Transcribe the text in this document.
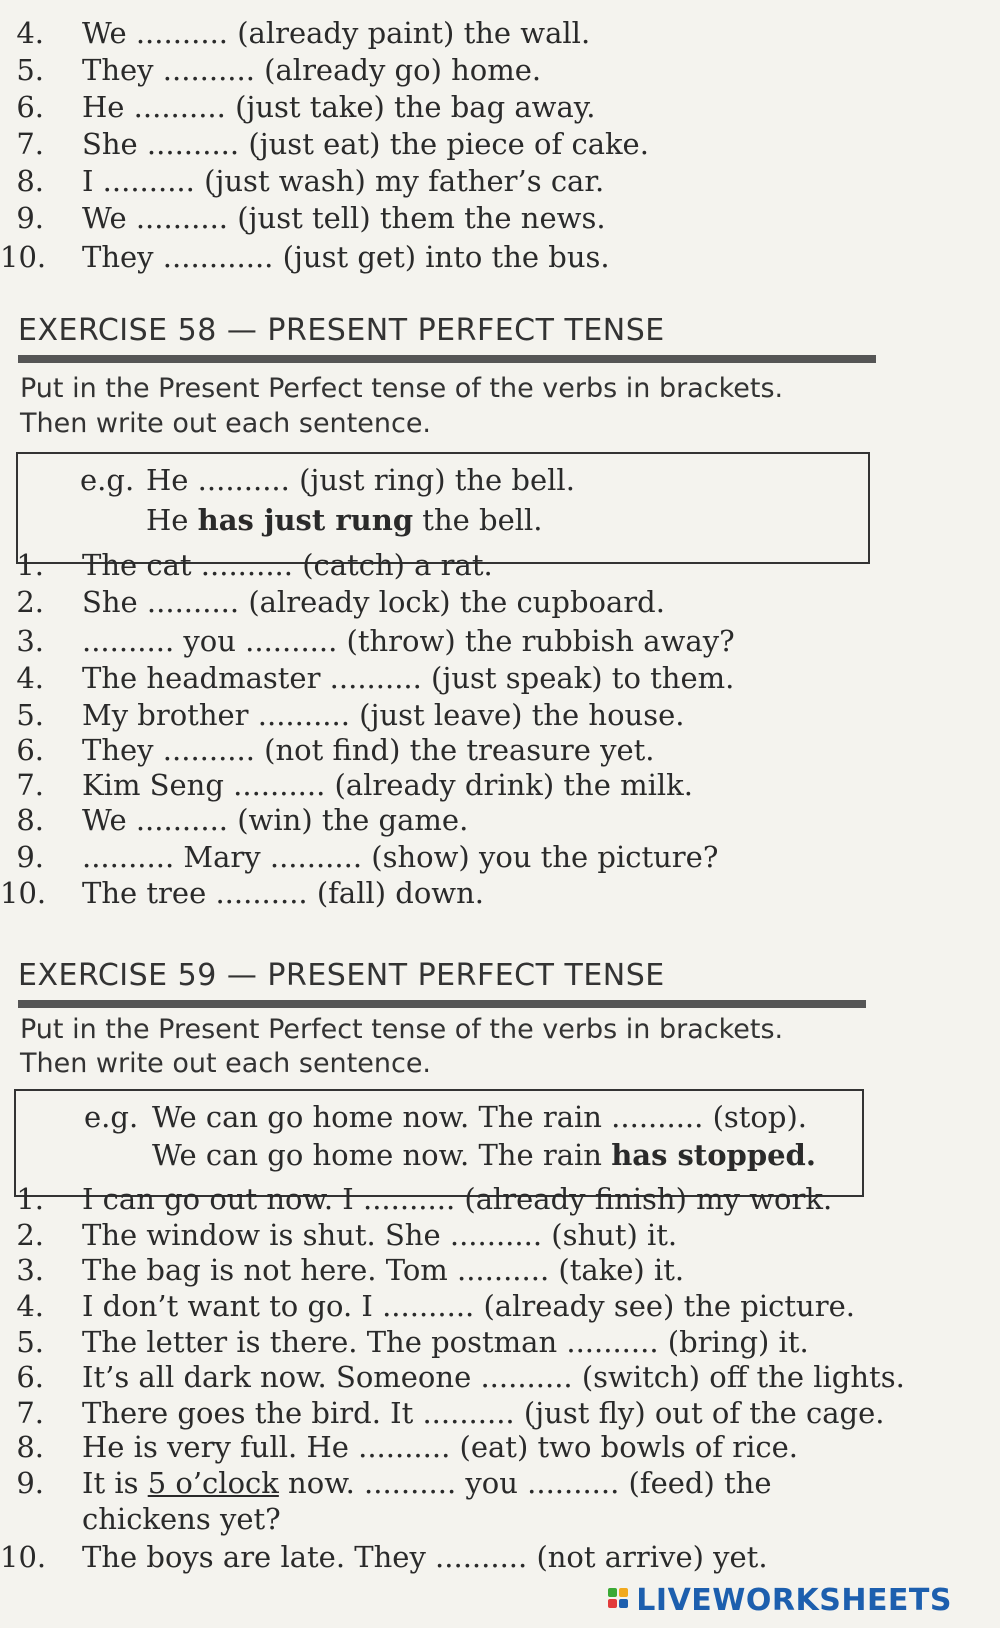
4. We .......... (already paint) the wall.
5. They .......... (already go) home.
6. He .......... (just take) the bag away.
7. She .......... (just eat) the piece of cake.
8. I .......... (just wash) my father’s car.
9. We .......... (just tell) them the news.
10. They ............ (just get) into the bus.
EXERCISE 58 — PRESENT PERFECT TENSE
Put in the Present Perfect tense of the verbs in brackets.
Then write out each sentence.
e.g. He .......... (just ring) the bell.
He has just rung the bell.
1. The cat .......... (catch) a rat.
2. She .......... (already lock) the cupboard.
3. .......... you .......... (throw) the rubbish away?
4. The headmaster .......... (just speak) to them.
5. My brother .......... (just leave) the house.
6. They .......... (not find) the treasure yet.
7. Kim Seng .......... (already drink) the milk.
8. We .......... (win) the game.
9. .......... Mary .......... (show) you the picture?
10. The tree .......... (fall) down.
EXERCISE 59 — PRESENT PERFECT TENSE
Put in the Present Perfect tense of the verbs in brackets.
Then write out each sentence.
e.g. We can go home now. The rain .......... (stop).
We can go home now. The rain has stopped.
1. I can go out now. I .......... (already finish) my work.
2. The window is shut. She .......... (shut) it.
3. The bag is not here. Tom .......... (take) it.
4. I don’t want to go. I .......... (already see) the picture.
5. The letter is there. The postman .......... (bring) it.
6. It’s all dark now. Someone .......... (switch) off the lights.
7. There goes the bird. It .......... (just fly) out of the cage.
8. He is very full. He .......... (eat) two bowls of rice.
9. It is 5 o’clock now. .......... you .......... (feed) the
chickens yet?
10. The boys are late. They .......... (not arrive) yet.
LIVEWORKSHEETS
